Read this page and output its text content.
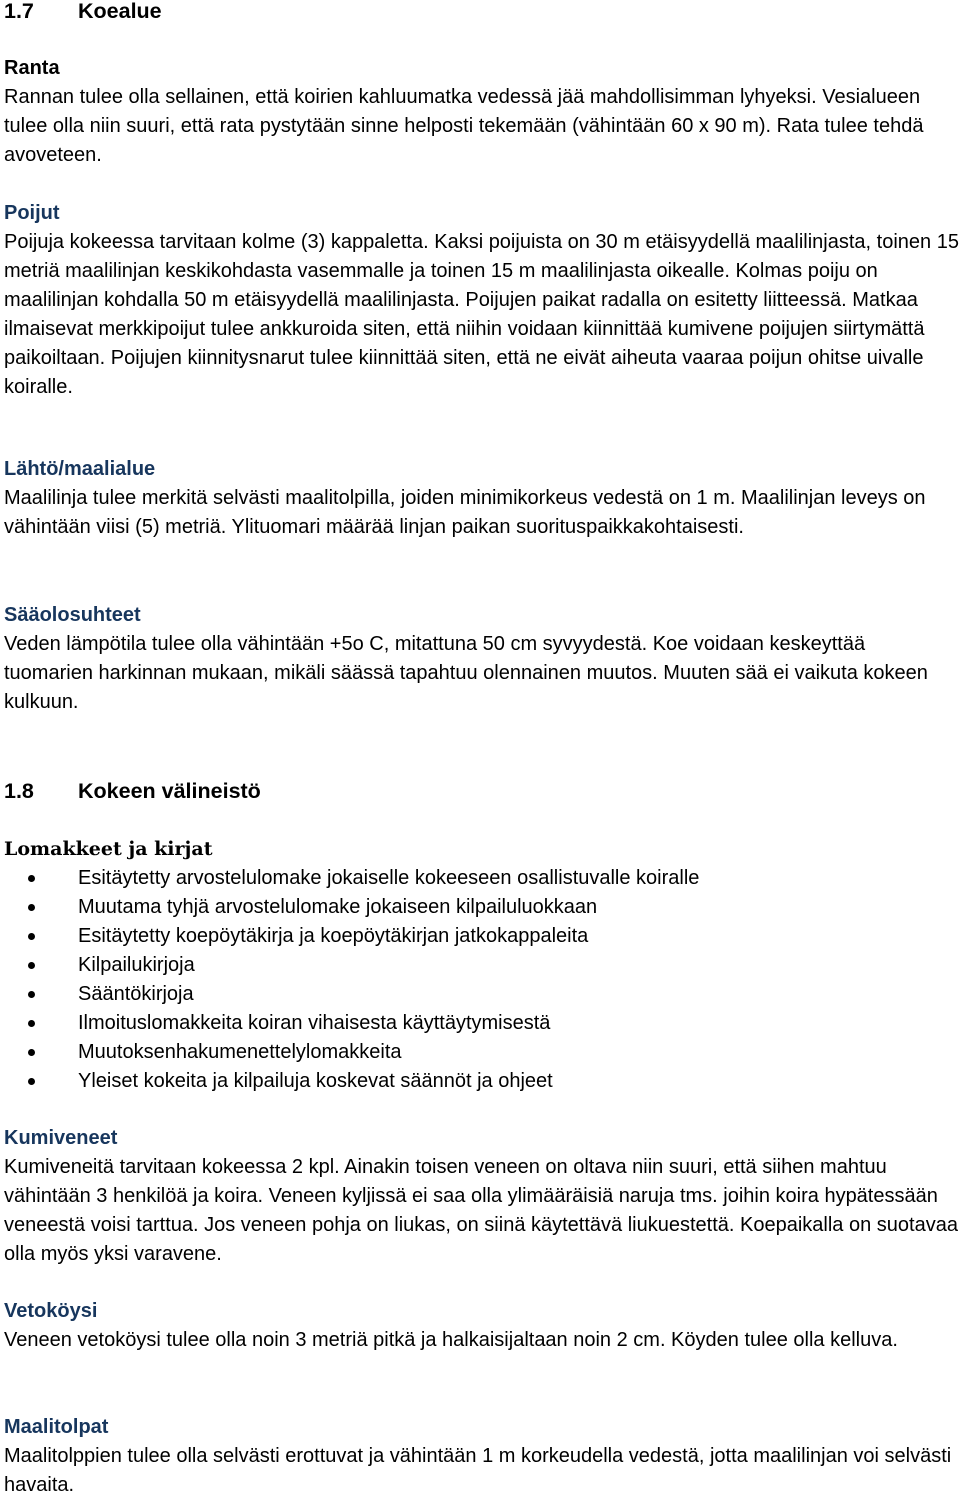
1.7 Koealue
Ranta

Rannan tulee olla sellainen, että koirien kahluumatka vedessä jää mahdollisimman lyhyeksi. Vesialueen tulee olla niin suuri, että rata pystytään sinne helposti tekemään (vähintään 60 x 90 m). Rata tulee tehdä avoveteen.

Poijut

Poijuja kokeessa tarvitaan kolme (3) kappaletta. Kaksi poijuista on 30 m etäisyydellä maalilinjasta, toinen 15 metriä maalilinjan keskikohdasta vasemmalle ja toinen 15 m maalilinjasta oikealle. Kolmas poiju on maalilinjan kohdalla 50 m etäisyydellä maalilinjasta. Poijujen paikat radalla on esitetty liitteessä. Matkaa ilmaisevat merkkipoijut tulee ankkuroida siten, että niihin voidaan kiinnittää kumivene poijujen siirtymättä paikoiltaan. Poijujen kiinnitysnarut tulee kiinnittää siten, että ne eivät aiheuta vaaraa poijun ohitse uivalle koiralle.

Lähtö/maalialue

Maalilinja tulee merkitä selvästi maalitolpilla, joiden minimikorkeus vedestä on 1 m. Maalilinjan leveys on vähintään viisi (5) metriä. Ylituomari määrää linjan paikan suorituspaikkakohtaisesti.

Sääolosuhteet

Veden lämpötila tulee olla vähintään +5o C, mitattuna 50 cm syvyydestä. Koe voidaan keskeyttää tuomarien harkinnan mukaan, mikäli säässä tapahtuu olennainen muutos. Muuten sää ei vaikuta kokeen kulkuun.

1.8 Kokeen välineistö
Lomakkeet ja kirjat
Esitäytetty arvostelulomake jokaiselle kokeeseen osallistuvalle koiralle
Muutama tyhjä arvostelulomake jokaiseen kilpailuluokkaan
Esitäytetty koepöytäkirja ja koepöytäkirjan jatkokappaleita
Kilpailukirjoja
Sääntökirjoja
Ilmoituslomakkeita koiran vihaisesta käyttäytymisestä
Muutoksenhakumenettelylomakkeita
Yleiset kokeita ja kilpailuja koskevat säännöt ja ohjeet
Kumiveneet

Kumiveneitä tarvitaan kokeessa 2 kpl. Ainakin toisen veneen on oltava niin suuri, että siihen mahtuu vähintään 3 henkilöä ja koira. Veneen kyljissä ei saa olla ylimääräisiä naruja tms. joihin koira hypätessään veneestä voisi tarttua. Jos veneen pohja on liukas, on siinä käytettävä liukuestettä. Koepaikalla on suotavaa olla myös yksi varavene.

Vetoköysi

Veneen vetoköysi tulee olla noin 3 metriä pitkä ja halkaisijaltaan noin 2 cm. Köyden tulee olla kelluva.

Maalitolpat

Maalitolppien tulee olla selvästi erottuvat ja vähintään 1 m korkeudella vedestä, jotta maalilinjan voi selvästi havaita.
